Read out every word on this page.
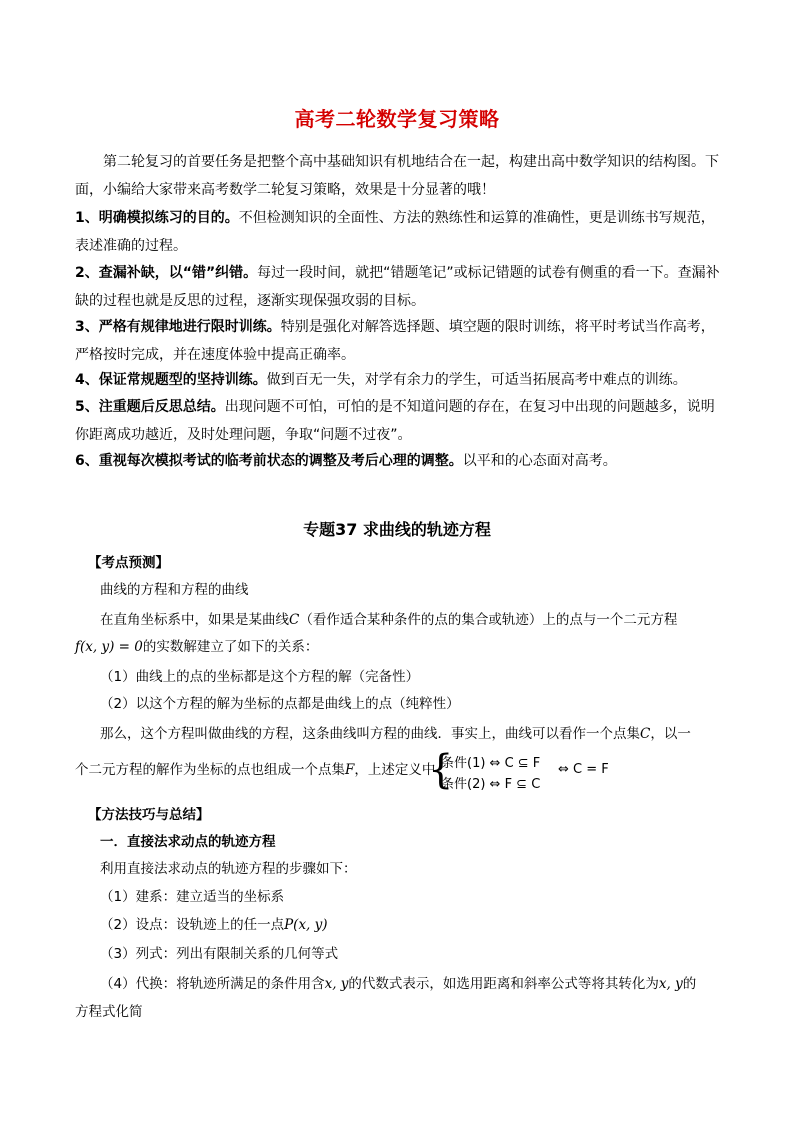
高考二轮数学复习策略
第二轮复习的首要任务是把整个高中基础知识有机地结合在一起，构建出高中数学知识的结构图。下面，小编给大家带来高考数学二轮复习策略，效果是十分显著的哦！
1、明确模拟练习的目的。不但检测知识的全面性、方法的熟练性和运算的准确性，更是训练书写规范，表述准确的过程。
2、查漏补缺，以“错”纠错。每过一段时间，就把“错题笔记”或标记错题的试卷有侧重的看一下。查漏补缺的过程也就是反思的过程，逐渐实现保强攻弱的目标。
3、严格有规律地进行限时训练。特别是强化对解答选择题、填空题的限时训练，将平时考试当作高考，严格按时完成，并在速度体验中提高正确率。
4、保证常规题型的坚持训练。做到百无一失，对学有余力的学生，可适当拓展高考中难点的训练。
5、注重题后反思总结。出现问题不可怕，可怕的是不知道问题的存在，在复习中出现的问题越多，说明你距离成功越近，及时处理问题，争取“问题不过夜”。
6、重视每次模拟考试的临考前状态的调整及考后心理的调整。以平和的心态面对高考。
专题37 求曲线的轨迹方程
【考点预测】
曲线的方程和方程的曲线
在直角坐标系中，如果是某曲线C（看作适合某种条件的点的集合或轨迹）上的点与一个二元方程
f(x, y) = 0的实数解建立了如下的关系：
（1）曲线上的点的坐标都是这个方程的解（完备性）
（2）以这个方程的解为坐标的点都是曲线上的点（纯粹性）
那么，这个方程叫做曲线的方程，这条曲线叫方程的曲线．事实上，曲线可以看作一个点集C，以一
个二元方程的解作为坐标的点也组成一个点集F，上述定义中
{
条件(1) ⇔ C ⊆ F
条件(2) ⇔ F ⊆ C
⇔ C = F
【方法技巧与总结】
一．直接法求动点的轨迹方程
利用直接法求动点的轨迹方程的步骤如下：
（1）建系：建立适当的坐标系
（2）设点：设轨迹上的任一点P(x, y)
（3）列式：列出有限制关系的几何等式
（4）代换：将轨迹所满足的条件用含x, y的代数式表示，如选用距离和斜率公式等将其转化为x, y的
方程式化简
